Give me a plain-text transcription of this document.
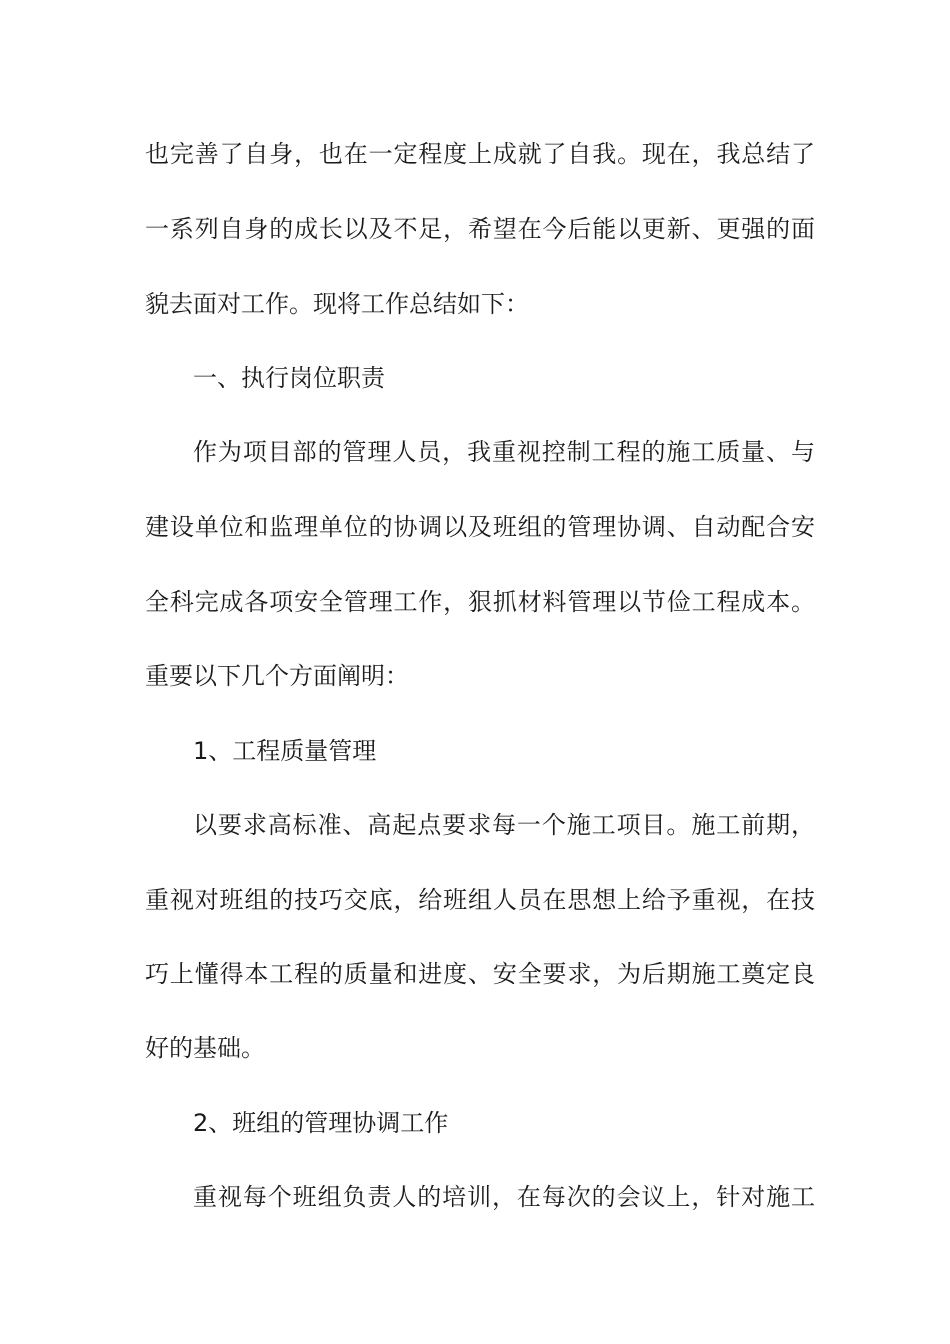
也完善了自身，也在一定程度上成就了自我。现在，我总结了
一系列自身的成长以及不足，希望在今后能以更新、更强的面
貌去面对工作。现将工作总结如下：
一、执行岗位职责
作为项目部的管理人员，我重视控制工程的施工质量、与
建设单位和监理单位的协调以及班组的管理协调、自动配合安
全科完成各项安全管理工作，狠抓材料管理以节俭工程成本。
重要以下几个方面阐明：
1、工程质量管理
以要求高标准、高起点要求每一个施工项目。施工前期，
重视对班组的技巧交底，给班组人员在思想上给予重视，在技
巧上懂得本工程的质量和进度、安全要求，为后期施工奠定良
好的基础。
2、班组的管理协调工作
重视每个班组负责人的培训，在每次的会议上，针对施工
